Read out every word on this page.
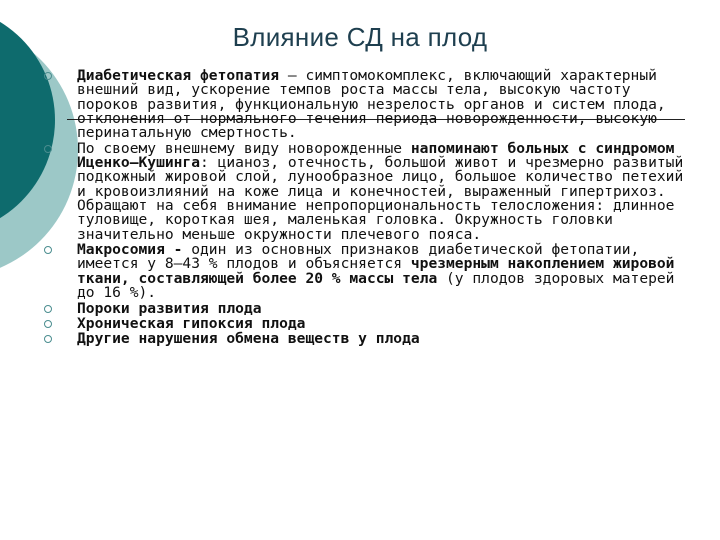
Влияние СД на плод
Диабетическая фетопатия – симптомокомплекс, включающий характерный внешний вид, ускорение темпов роста массы тела, высокую частоту пороков развития, функциональную незрелость органов и систем плода, отклонения от нормального течения периода новорожденности, высокую перинатальную смертность.
По своему внешнему виду новорожденные напоминают больных с синдромом Иценко—Кушинга: цианоз, отечность, большой живот и чрезмерно развитый подкожный жировой слой, лунообразное лицо, большое количество петехий и кровоизлияний на коже лица и конечностей, выраженный гипертрихоз. Обращают на себя внимание непропорциональность телосложения: длинное туловище, короткая шея, маленькая головка. Окружность головки значительно меньше окружности плечевого пояса.
Макросомия - один из основных признаков диабетической фетопатии, имеется у 8—43 % плодов и объясняется чрезмерным накоплением жировой ткани, составляющей более 20 % массы тела (у плодов здоровых матерей до 16 %).
Пороки развития плода
Хроническая гипоксия плода
Другие нарушения обмена веществ у плода
